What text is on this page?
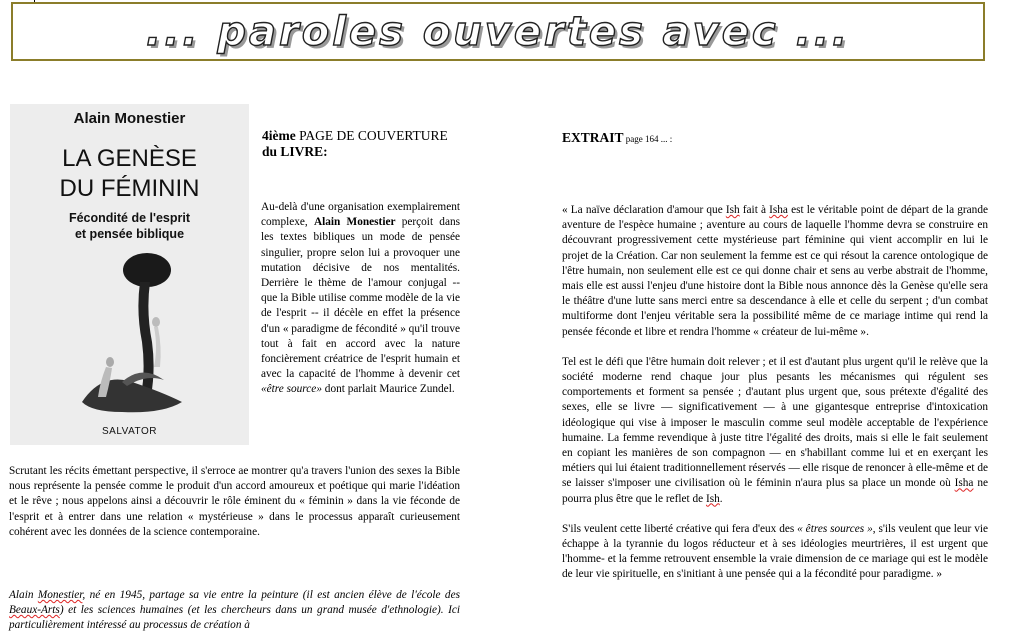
... paroles ouvertes avec ...
Alain Monestier
LA GENÈSE
DU FÉMININ
Fécondité de l'esprit
et pensée biblique
SALVATOR
4ième PAGE DE COUVERTURE du LIVRE:
Au-delà d'une organisation exemplairement complexe, Alain Monestier perçoit dans les textes bibliques un mode de pensée singulier, propre selon lui a provoquer une mutation décisive de nos mentalités. Derrière le thème de l'amour conjugal -- que la Bible utilise comme modèle de la vie de l'esprit -- il décèle en effet la présence d'un « paradigme de fécondité » qu'il trouve tout à fait en accord avec la nature foncièrement créatrice de l'esprit humain et avec la capacité de l'homme à devenir cet «être source» dont parlait Maurice Zundel.
Scrutant les récits émettant perspective, il s'erroce ae montrer qu'a travers l'union des sexes la Bible nous représente la pensée comme le produit d'un accord amoureux et poétique qui marie l'idéation et le rêve ; nous appelons ainsi a découvrir le rôle éminent du « féminin » dans la vie féconde de l'esprit et à entrer dans une relation « mystérieuse » dans le processus apparaît curieusement cohérent avec les données de la science contemporaine.
Alain Monestier, né en 1945, partage sa vie entre la peinture (il est ancien élève de l'école des Beaux-Arts) et les sciences humaines (et les chercheurs dans un grand musée d'ethnologie). Ici particulièrement intéressé au processus de création à
EXTRAIT page 164 ... :

« La naïve déclaration d'amour que Ish fait à Isha est le véritable point de départ de la grande aventure de l'espèce humaine ; aventure au cours de laquelle l'homme devra se construire en découvrant progressivement cette mystérieuse part féminine qui vient accomplir en lui le projet de la Création. Car non seulement la femme est ce qui résout la carence ontologique de l'être humain, non seulement elle est ce qui donne chair et sens au verbe abstrait de l'homme, mais elle est aussi l'enjeu d'une histoire dont la Bible nous annonce dès la Genèse qu'elle sera le théâtre d'une lutte sans merci entre sa descendance à elle et celle du serpent ; d'un combat multiforme dont l'enjeu véritable sera la possibilité même de ce mariage intime qui rend la pensée féconde et libre et rendra l'homme « créateur de lui-même ».

Tel est le défi que l'être humain doit relever ; et il est d'autant plus urgent qu'il le relève que la société moderne rend chaque jour plus pesants les mécanismes qui régulent ses comportements et forment sa pensée ; d'autant plus urgent que, sous prétexte d'égalité des sexes, elle se livre — significativement — à une gigantesque entreprise d'intoxication idéologique qui vise à imposer le masculin comme seul modèle acceptable de l'expérience humaine. La femme revendique à juste titre l'égalité des droits, mais si elle le fait seulement en copiant les manières de son compagnon — en s'habillant comme lui et en exerçant les métiers qui lui étaient traditionnellement réservés — elle risque de renoncer à elle-même et de se laisser s'imposer une civilisation où le féminin n'aura plus sa place un monde où Isha ne pourra plus être que le reflet de Ish.

S'ils veulent cette liberté créative qui fera d'eux des « êtres sources », s'ils veulent que leur vie échappe à la tyrannie du logos réducteur et à ses idéologies meurtrières, il est urgent que l'homme- et la femme retrouvent ensemble la vraie dimension de ce mariage qui est le modèle de leur vie spirituelle, en s'initiant à une pensée qui a la fécondité pour paradigme. »
